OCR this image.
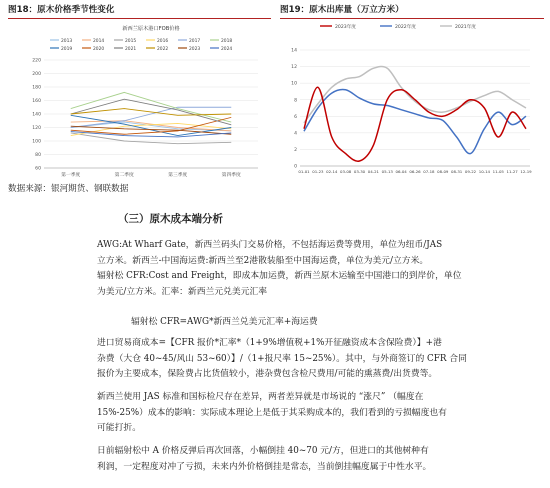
图18：原木价格季节性变化	图19：原木出库量（万立方米）
新西兰原木港口FOB价格
2013	2014	2015	2016	2017	2018
2019	2020	2021	2022	2023	2024
60
80
100
120
140
160
180
200
220
第一季度	第二季度	第三季度	第四季度
2023年度	2022年度	2021年度
0
2
4
6
8
10
12
14
01-01 01-23 02-14 03-08 03-30 04-21 05-13 06-04 06-26 07-18 08-09 08-31 09-22 10-14 11-05 11-27 12-19
数据来源：银河期货、钢联数据
（三）原木成本端分析
AWG:At Wharf Gate，新西兰码头门交易价格，不包括海运费等费用，单位为纽币/JAS
立方米。新西兰-中国海运费:新西兰至2港散装船至中国海运费，单位为美元/立方米。
辐射松 CFR:Cost and Freight，即成本加运费，新西兰原木运输至中国港口的到岸价，单位
为美元/立方米。汇率：新西兰元兑美元汇率
辐射松 CFR=AWG*新西兰兑美元汇率+海运费
进口贸易商成本=【CFR 报价*汇率*（1+9%增值税+1%开征融资成本含保险费）】+港
杂费（大仓 40~45/风山 53~60）】/（1+报尺率 15~25%）。其中，与外商签订的 CFR 合同
报价为主要成本，保险费占比货值较小，港杂费包含检尺费用/可能的熏蒸费/出货费等。
新西兰使用 JAS 标准和国标检尺存在差异，两者差异就是市场说的 “涨尺” （幅度在
15%-25%）成本的影响：实际成本理论上是低于其采购成本的，我们看到的亏损幅度也有
可能打折。
日前辐射松中 A 价格反弹后再次回落，小幅倒挂 40~70 元/方，但进口的其他树种有
利润，一定程度对冲了亏损，未来内外价格倒挂是常态，当前倒挂幅度属于中性水平。
